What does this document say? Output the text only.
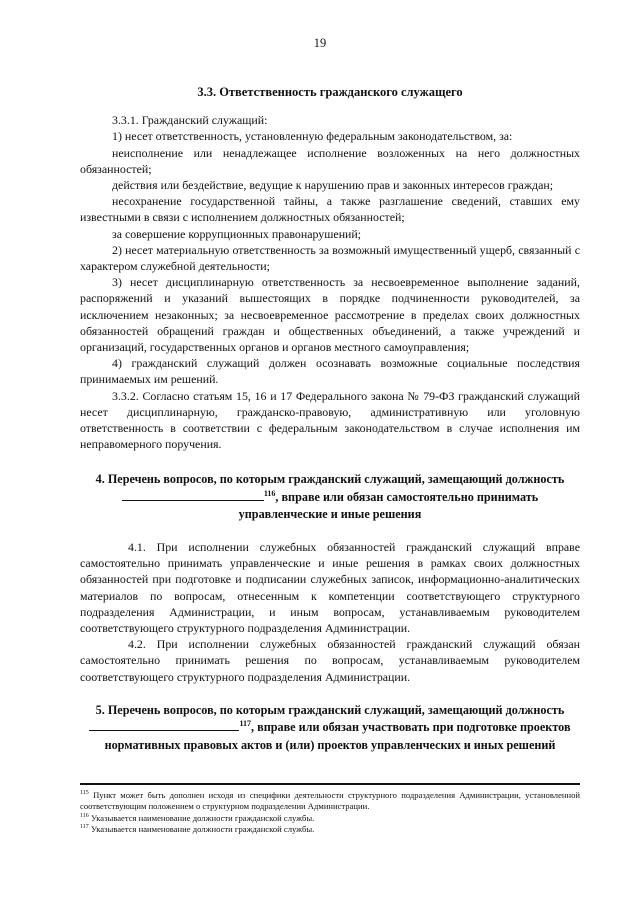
19
3.3. Ответственность гражданского служащего

3.3.1. Гражданский служащий:

1) несет ответственность, установленную федеральным законодательством, за:

неисполнение или ненадлежащее исполнение возложенных на него должностных обязанностей;

действия или бездействие, ведущие к нарушению прав и законных интересов граждан;

несохранение государственной тайны, а также разглашение сведений, ставших ему известными в связи с исполнением должностных обязанностей;

за совершение коррупционных правонарушений;

2) несет материальную ответственность за возможный имущественный ущерб, связанный с характером служебной деятельности;

3) несет дисциплинарную ответственность за несвоевременное выполнение заданий, распоряжений и указаний вышестоящих в порядке подчиненности руководителей, за исключением незаконных; за несвоевременное рассмотрение в пределах своих должностных обязанностей обращений граждан и общественных объединений, а также учреждений и организаций, государственных органов и органов местного самоуправления;

4) гражданский служащий должен осознавать возможные социальные последствия принимаемых им решений.

3.3.2. Согласно статьям 15, 16 и 17 Федерального закона № 79-ФЗ гражданский служащий несет дисциплинарную, гражданско-правовую, административную или уголовную ответственность в соответствии с федеральным законодательством в случае исполнения им неправомерного поручения.

4. Перечень вопросов, по которым гражданский служащий, замещающий должность

$^{116}$, вправе или обязан самостоятельно принимать

управленческие и иные решения

4.1. При исполнении служебных обязанностей гражданский служащий вправе самостоятельно принимать управленческие и иные решения в рамках своих должностных обязанностей при подготовке и подписании служебных записок, информационно-аналитических материалов по вопросам, отнесенным к компетенции соответствующего структурного подразделения Администрации, и иным вопросам, устанавливаемым руководителем соответствующего структурного подразделения Администрации.

4.2. При исполнении служебных обязанностей гражданский служащий обязан самостоятельно принимать решения по вопросам, устанавливаемым руководителем соответствующего структурного подразделения Администрации.

5. Перечень вопросов, по которым гражданский служащий, замещающий должность

$^{117}$, вправе или обязан участвовать при подготовке проектов

нормативных правовых актов и (или) проектов управленческих и иных решений

$^{115}$ Пункт может быть дополнен исходя из специфики деятельности структурного подразделения Администрации, установленной соответствующим положением о структурном подразделении Администрации.

$^{116}$ Указывается наименование должности гражданской службы.

$^{117}$ Указывается наименование должности гражданской службы.
